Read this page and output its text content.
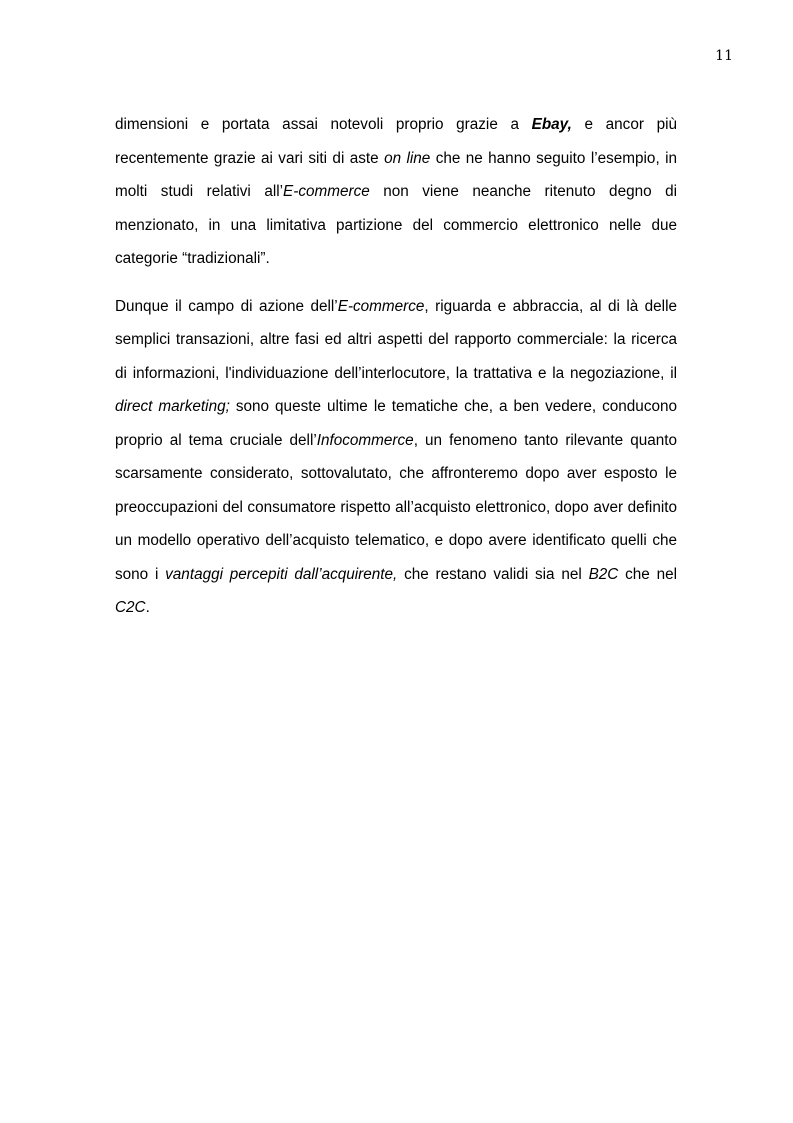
11

dimensioni e portata assai notevoli proprio grazie a Ebay, e ancor più recentemente grazie ai vari siti di aste on line che ne hanno seguito l’esempio, in molti studi relativi all’E-commerce non viene neanche ritenuto degno di menzionato, in una limitativa partizione del commercio elettronico nelle due categorie “tradizionali”.

Dunque il campo di azione dell’E-commerce, riguarda e abbraccia, al di là delle semplici transazioni, altre fasi ed altri aspetti del rapporto commerciale: la ricerca di informazioni, l'individuazione dell’interlocutore, la trattativa e la negoziazione, il direct marketing; sono queste ultime le tematiche che, a ben vedere, conducono proprio al tema cruciale dell’Infocommerce, un fenomeno tanto rilevante quanto scarsamente considerato, sottovalutato, che affronteremo dopo aver esposto le preoccupazioni del consumatore rispetto all’acquisto elettronico, dopo aver definito un modello operativo dell’acquisto telematico, e dopo avere identificato quelli che sono i vantaggi percepiti dall’acquirente, che restano validi sia nel B2C che nel C2C.
